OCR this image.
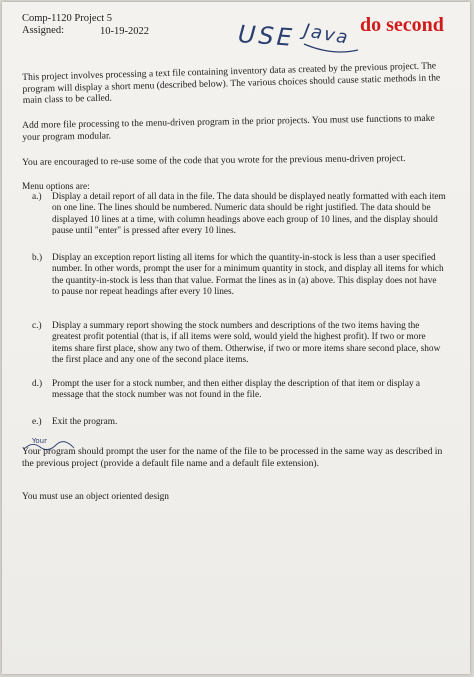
Comp-1120 Project 5
Assigned:	10-19-2022	USE Java do second

This project involves processing a text file containing inventory data as created by the previous project. The program will display a short menu (described below). The various choices should cause static methods in the main class to be called.

Add more file processing to the menu-driven program in the prior projects. You must use functions to make your program modular.

You are encouraged to re-use some of the code that you wrote for the previous menu-driven project.

Menu options are:
a.)	Display a detail report of all data in the file. The data should be displayed neatly formatted with each item on one line. The lines should be numbered. Numeric data should be right justified. The data should be displayed 10 lines at a time, with column headings above each group of 10 lines, and the display should pause until "enter" is pressed after every 10 lines.
b.)	Display an exception report listing all items for which the quantity-in-stock is less than a user specified number. In other words, prompt the user for a minimum quantity in stock, and display all items for which the quantity-in-stock is less than that value. Format the lines as in (a) above. This display does not have to pause nor repeat headings after every 10 lines.
c.)	Display a summary report showing the stock numbers and descriptions of the two items having the greatest profit potential (that is, if all items were sold, would yield the highest profit). If two or more items share first place, show any two of them. Otherwise, if two or more items share second place, show the first place and any one of the second place items.
d.)	Prompt the user for a stock number, and then either display the description of that item or display a message that the stock number was not found in the file.
e.)	Exit the program.
Your

Your program should prompt the user for the name of the file to be processed in the same way as described in the previous project (provide a default file name and a default file extension).

You must use an object oriented design
